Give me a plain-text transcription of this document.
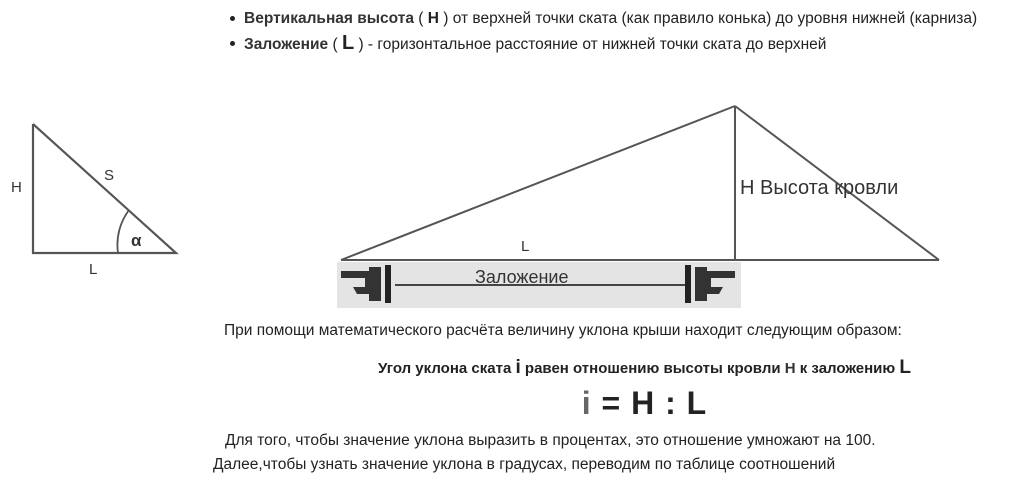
Вертикальная высота ( Н ) от верхней точки ската (как правило конька) до уровня нижней (карниза)
Заложение ( L ) - горизонтальное расстояние от нижней точки ската до верхней
H
S
L
α	L
Н Высота кровли
Заложение
При помощи математического расчёта величину уклона крыши находит следующим образом:
Угол уклона ската i равен отношению высоты кровли Н к заложению L
i = H : L
Для того, чтобы значение уклона выразить в процентах, это отношение умножают на 100.
Далее,чтобы узнать значение уклона в градусах, переводим по таблице соотношений
